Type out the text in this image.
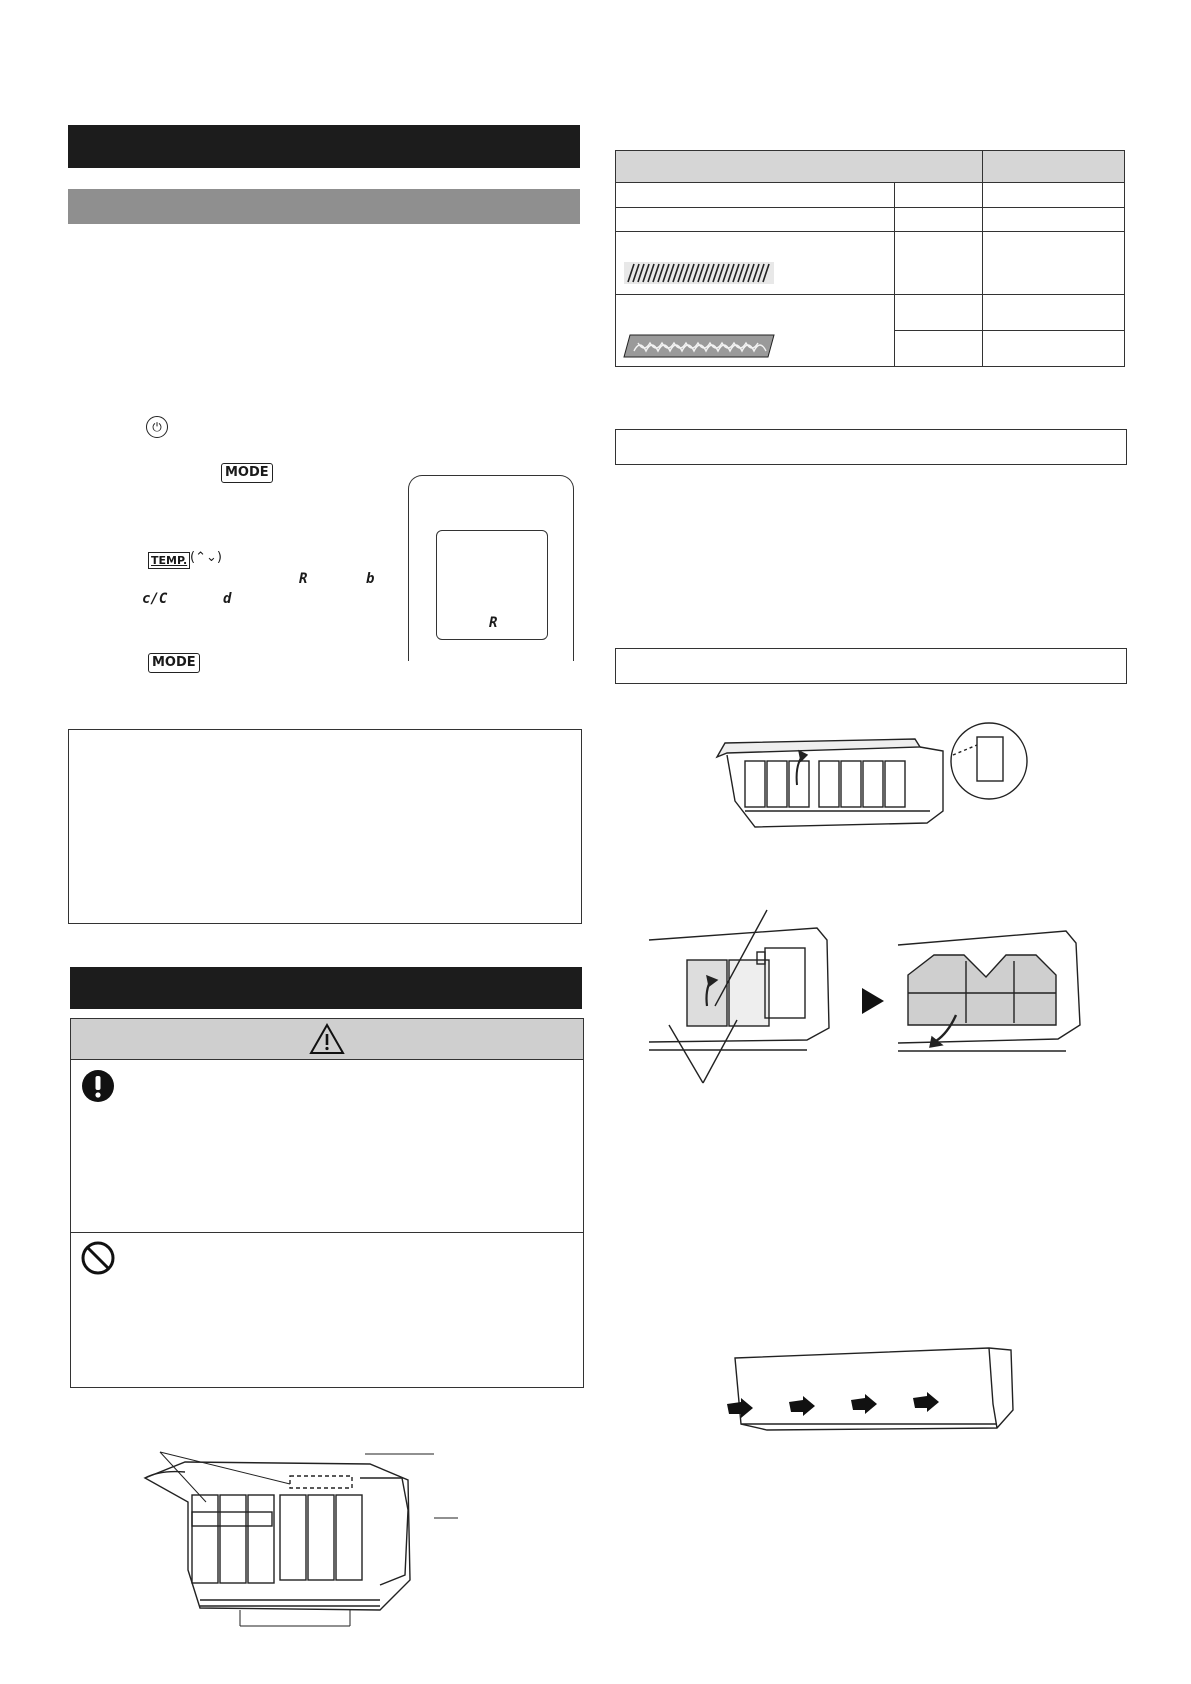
⏻
MODE
TEMP. (⌃⌄)
R	b
c/C	d
MODE
R
